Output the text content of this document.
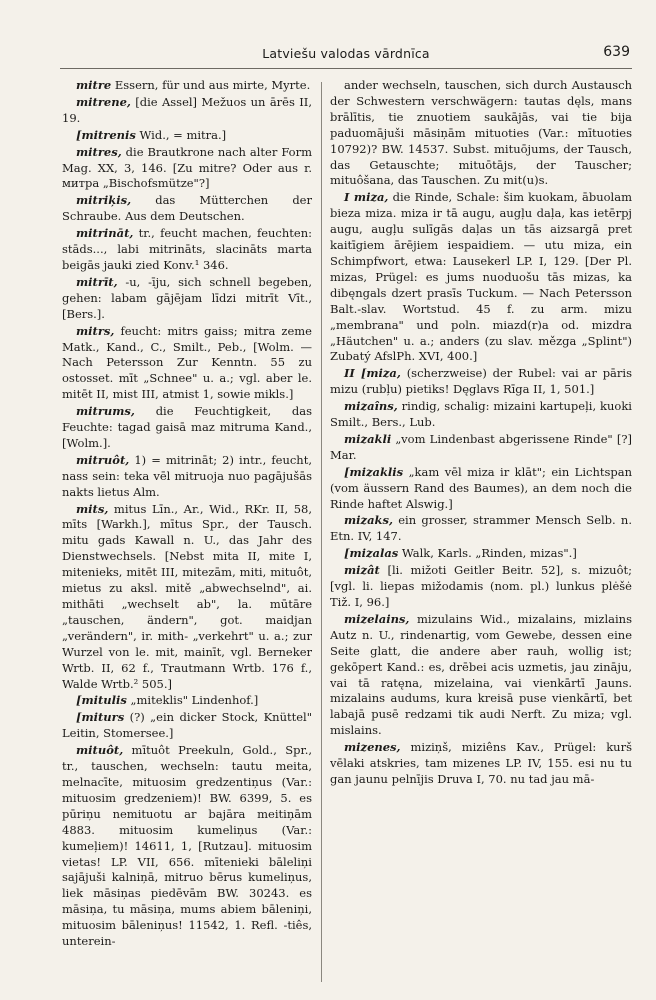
Latviešu valodas vārdnīca	639

mitre Essern, für und aus mirte, Myrte.

mitrene, [die Assel] Mežuos un ārēs II, 19.

[mitrenis Wid., = mitra.]

mitres, die Brautkrone nach alter Form Mag. XX, 3, 146. [Zu mitre? Oder aus r. митра „Bischofsmütze"?]

mitriķis, das Mütterchen der Schraube. Aus dem Deutschen.

mitrināt, tr., feucht machen, feuchten: stāds..., labi mitrināts, slacināts marta beigās jauki zied Konv.¹ 346.

mitrīt, -u, -īju, sich schnell begeben, gehen: labam gājējam līdzi mitrīt Vīt., [Bers.].

mitrs, feucht: mitrs gaiss; mitra zeme Matk., Kand., C., Smilt., Peb., [Wolm. — Nach Petersson Zur Kenntn. 55 zu ostosset. mīt „Schnee" u. a.; vgl. aber le. mitēt II, mist III, atmist 1, sowie mikls.]

mitrums, die Feuchtigkeit, das Feuchte: tagad gaisā maz mitruma Kand., [Wolm.].

mitruôt, 1) = mitrināt; 2) intr., feucht, nass sein: teka vēl mitruoja nuo pagājušās nakts lietus Alm.

mits, mitus Līn., Ar., Wid., RKr. II, 58, mīts [Warkh.], mītus Spr., der Tausch. mitu gads Kawall n. U., das Jahr des Dienstwechsels. [Nebst mita II, mite I, mitenieks, mitēt III, mitezām, miti, mituôt, mietus zu aksl. mitě „abwechselnd", ai. mithāti „wechselt ab", la. mūtāre „tauschen, ändern", got. maidjan „verändern", ir. mith- „verkehrt" u. a.; zur Wurzel von le. mit, mainīt, vgl. Berneker Wrtb. II, 62 f., Trautmann Wrtb. 176 f., Walde Wrtb.² 505.]

[mitulis „miteklis" Lindenhof.]

[miturs (?) „ein dicker Stock, Knüttel" Leitin, Stomersee.]

mituôt, mītuôt Preekuln, Gold., Spr., tr., tauschen, wechseln: tautu meita, melnacīte, mituosim gredzentiņus (Var.: mituosim gredzeniem)! BW. 6399, 5. es pūriņu nemituotu ar bajāra meitiņām 4883. mituosim kumeliņus (Var.: kumeļiem)! 14611, 1, [Rutzau]. mituosim vietas! LP. VII, 656. mītenieki bāleliņi sajājuši kalniņā, mitruo bērus kumeliņus, liek māsiņas piedēvām BW. 30243. es māsiņa, tu māsiņa, mums abiem bāleniņi, mituosim bāleniņus! 11542, 1. Refl. -tiês, unterein-

ander wechseln, tauschen, sich durch Austausch der Schwestern verschwägern: tautas dęls, mans brālītis, tie znuotiem saukājās, vai tie bija paduomājuši māsiņām mituoties (Var.: mītuoties 10792)? BW. 14537. Subst. mituōjums, der Tausch, das Getauschte; mituōtājs, der Tauscher; mituôšana, das Tauschen. Zu mit(u)s.

I miza, die Rinde, Schale: šim kuokam, ābuolam bieza miza. miza ir tā augu, augļu daļa, kas ietērpj augu, augļu sulīgās daļas un tās aizsargā pret kaitīgiem ārējiem iespaidiem. — utu miza, ein Schimpfwort, etwa: Lausekerl LP. I, 129. [Der Pl. mizas, Prügel: es jums nuoduošu tās mizas, ka dibęngals dzert prasīs Tuckum. — Nach Petersson Balt.-slav. Wortstud. 45 f. zu arm. mizu „membrana" und poln. miazd(r)a od. mizdra „Häutchen" u. a.; anders (zu slav. mězga „Splint") Zubatý AfslPh. XVI, 400.]

II [miza, (scherzweise) der Rubel: vai ar pāris mizu (rubļu) pietiks! Dęglavs Rīga II, 1, 501.]

mizaîns, rindig, schalig: mizaini kartupeļi, kuoki Smilt., Bers., Lub.

mizakli „vom Lindenbast abgerissene Rinde" [?] Mar.

[mizaklis „kam vēl miza ir klāt"; ein Lichtspan (vom äussern Rand des Baumes), an dem noch die Rinde haftet Alswig.]

mizaks, ein grosser, strammer Mensch Selb. n. Etn. IV, 147.

[mizalas Walk, Karls. „Rinden, mizas".]

mizât [li. mižoti Geitler Beitr. 52], s. mizuôt; [vgl. li. liepas mižodamis (nom. pl.) lunkus plėšė Tiž. I, 96.]

mizelains, mizulains Wid., mizalains, mizlains Autz n. U., rindenartig, vom Gewebe, dessen eine Seite glatt, die andere aber rauh, wollig ist; gekōpert Kand.: es, drēbei acis uzmetis, jau zināju, vai tā ratęna, mizelaina, vai vienkārtī Jauns. mizalains audums, kura kreisā puse vienkārtī, bet labajā pusē redzami tik audi Nerft. Zu miza; vgl. mislains.

mizenes, miziņš, miziêns Kav., Prügel: kurš vēlaki atskries, tam mizenes LP. IV, 155. esi nu tu gan jaunu pelnījis Druva I, 70. nu tad jau mā-
